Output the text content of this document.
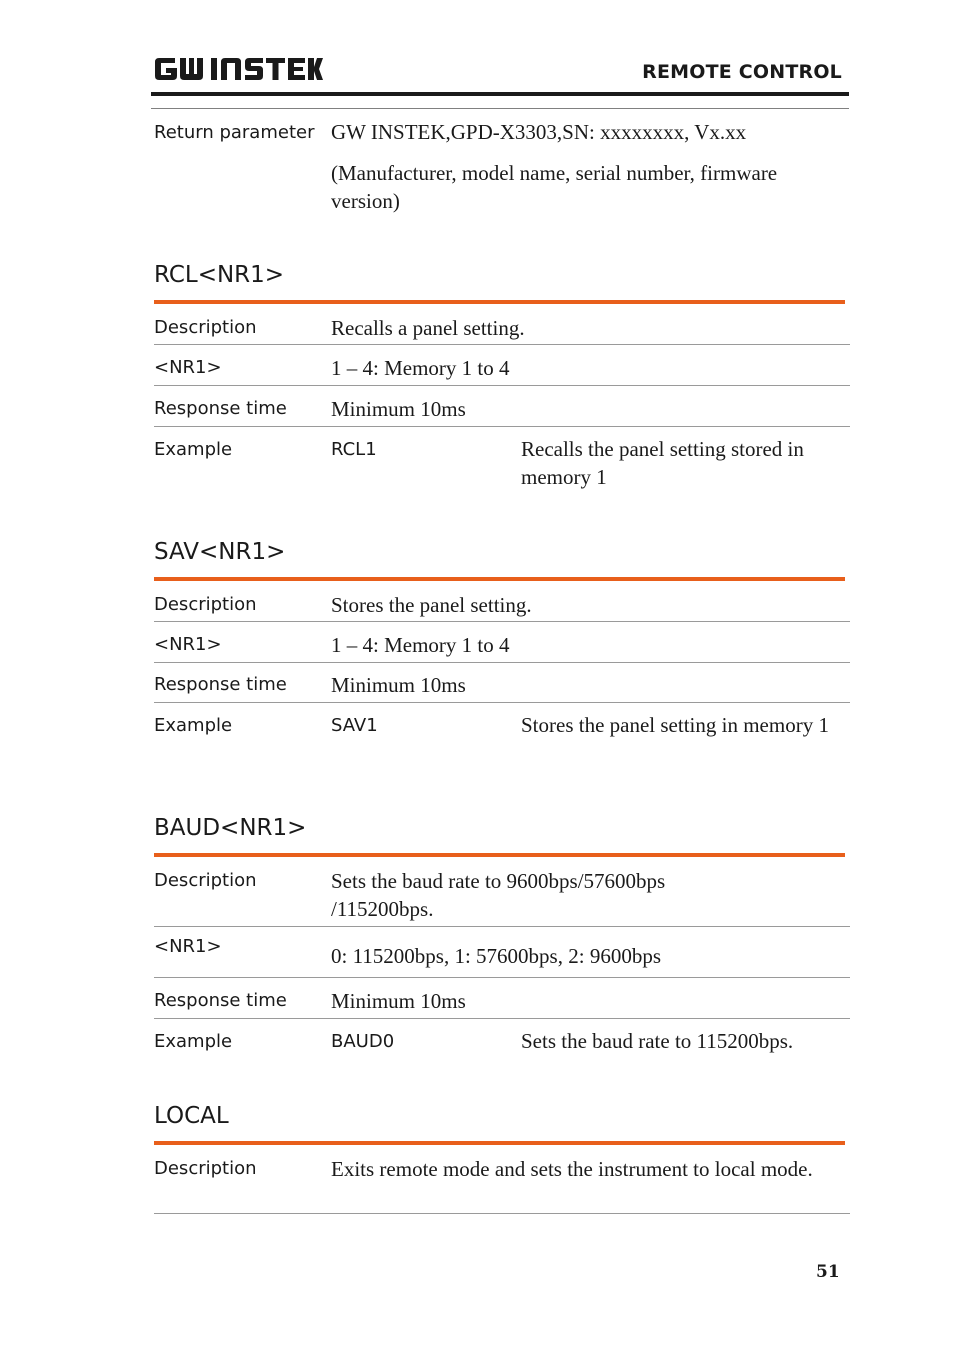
REMOTE CONTROL
Return parameter GW INSTEK,GPD-X3303,SN: xxxxxxxx, Vx.xx
(Manufacturer, model name, serial number, firmware version)
RCL<NR1>
Description	Recalls a panel setting.
<NR1>	1 – 4: Memory 1 to 4
Response time Minimum 10ms
Example	RCL1	Recalls the panel setting stored in memory 1
SAV<NR1>
Description	Stores the panel setting.
<NR1>	1 – 4: Memory 1 to 4
Response time Minimum 10ms
Example	SAV1	Stores the panel setting in memory 1
BAUD<NR1>
Description	Sets the baud rate to 9600bps/57600bps /115200bps.
<NR1>	0: 115200bps, 1: 57600bps, 2: 9600bps
Response time Minimum 10ms
Example	BAUD0	Sets the baud rate to 115200bps.
LOCAL
Description	Exits remote mode and sets the instrument to local mode.
51
